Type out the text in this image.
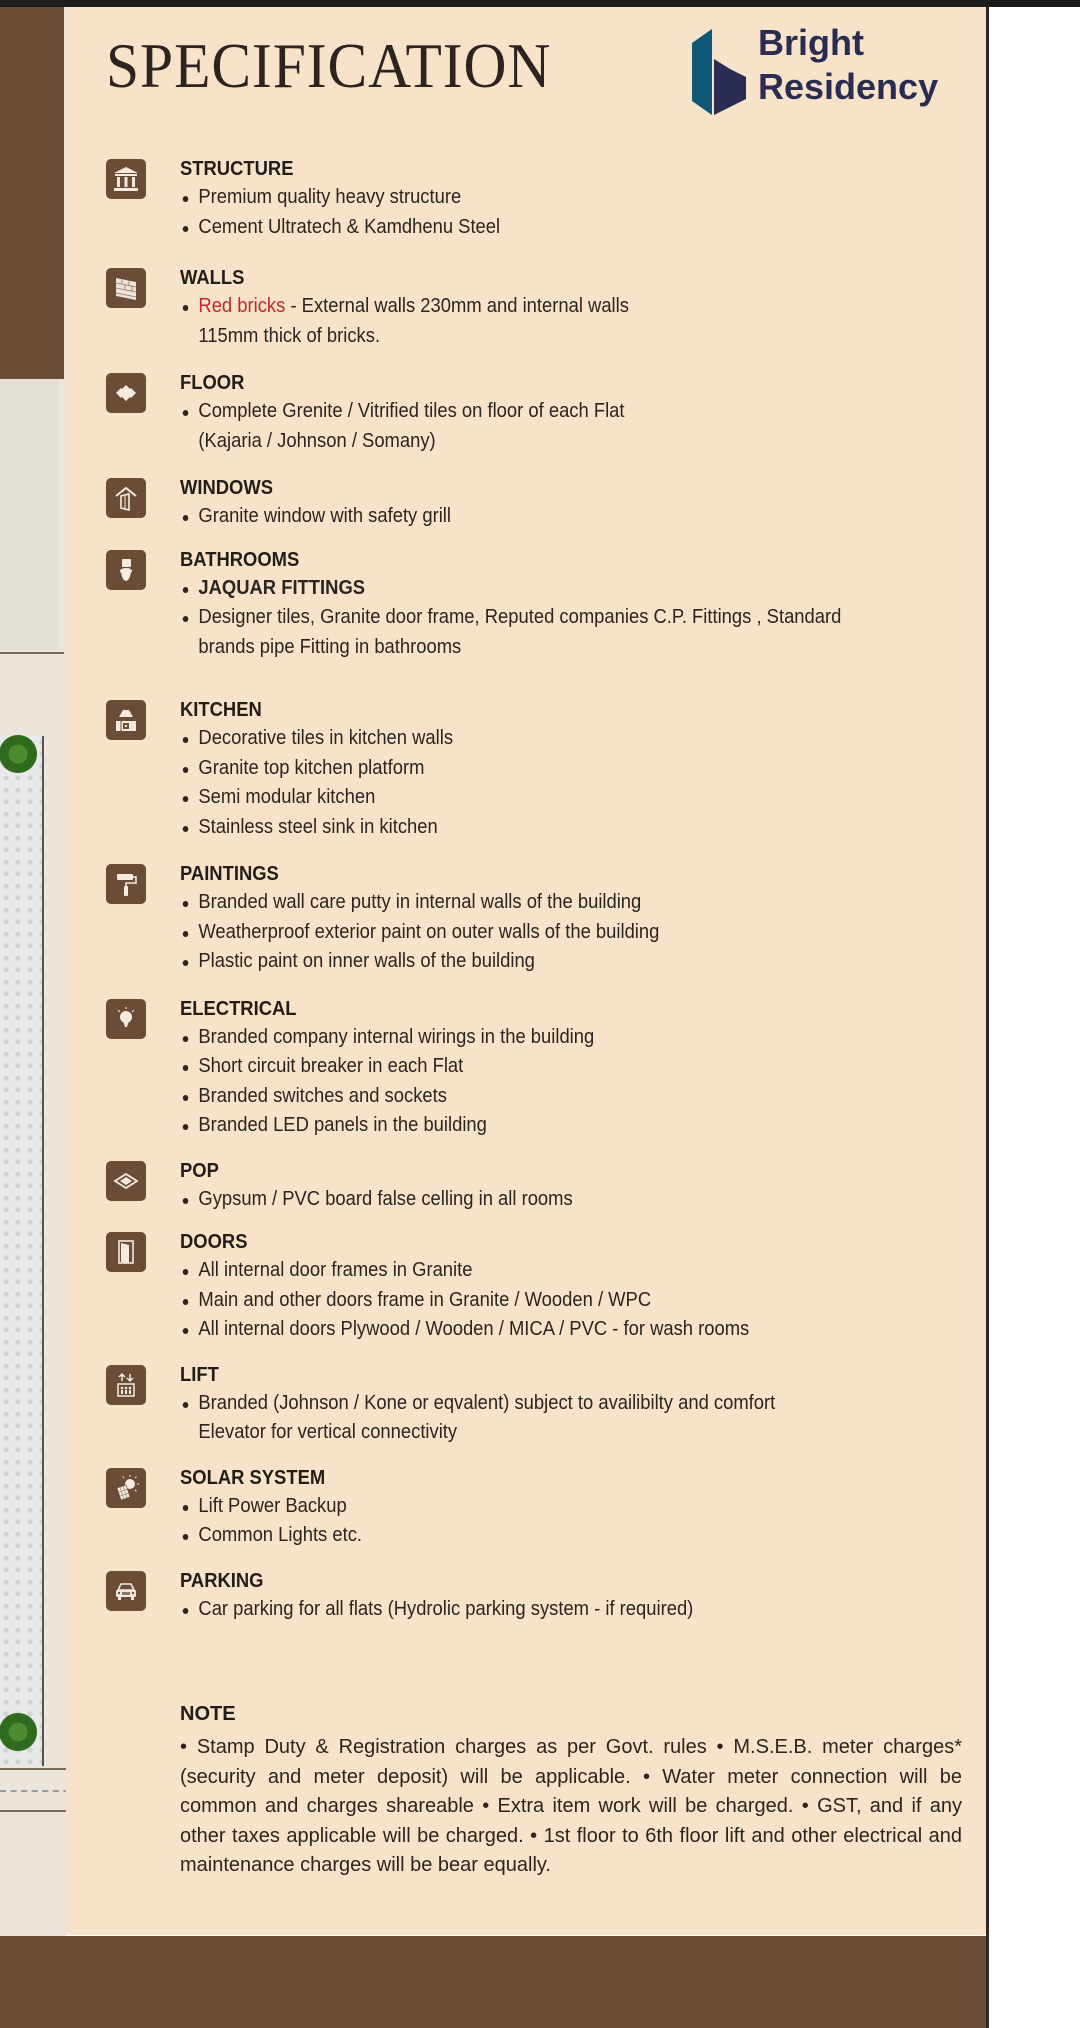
SPECIFICATION	Bright
Residency
STRUCTURE
Premium quality heavy structure
Cement Ultratech & Kamdhenu Steel
WALLS
Red bricks - External walls 230mm and internal walls
115mm thick of bricks.
FLOOR
Complete Grenite / Vitrified tiles on floor of each Flat
(Kajaria / Johnson / Somany)
WINDOWS
Granite window with safety grill
BATHROOMS
JAQUAR FITTINGS
Designer tiles, Granite door frame, Reputed companies C.P. Fittings , Standard
brands pipe Fitting in bathrooms
KITCHEN
Decorative tiles in kitchen walls
Granite top kitchen platform
Semi modular kitchen
Stainless steel sink in kitchen
PAINTINGS
Branded wall care putty in internal walls of the building
Weatherproof exterior paint on outer walls of the building
Plastic paint on inner walls of the building
ELECTRICAL
Branded company internal wirings in the building
Short circuit breaker in each Flat
Branded switches and sockets
Branded LED panels in the building
POP
Gypsum / PVC board false celling in all rooms
DOORS
All internal door frames in Granite
Main and other doors frame in Granite / Wooden / WPC
All internal doors Plywood / Wooden / MICA / PVC - for wash rooms
LIFT
Branded (Johnson / Kone or eqvalent) subject to availibilty and comfort
Elevator for vertical connectivity
SOLAR SYSTEM
Lift Power Backup
Common Lights etc.
PARKING
Car parking for all flats (Hydrolic parking system - if required)
NOTE

• Stamp Duty & Registration charges as per Govt. rules • M.S.E.B. meter charges* (security and meter deposit) will be applicable. • Water meter connection will be common and charges shareable • Extra item work will be charged. • GST, and if any other taxes applicable will be charged. • 1st floor to 6th floor lift and other electrical and maintenance charges will be bear equally.
